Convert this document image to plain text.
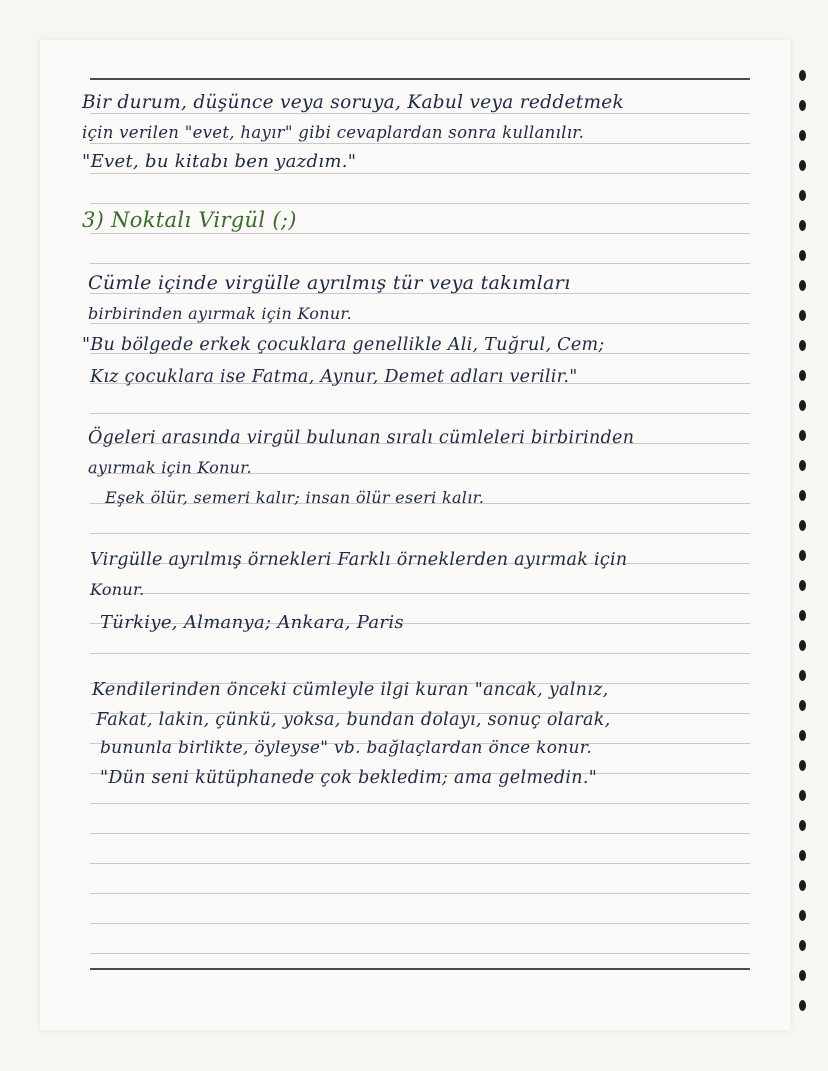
Bir durum, düşünce veya soruya, Kabul veya reddetmek

için verilen "evet, hayır" gibi cevaplardan sonra kullanılır.

"Evet, bu kitabı ben yazdım."

3) Noktalı Virgül (;)

Cümle içinde virgülle ayrılmış tür veya takımları

birbirinden ayırmak için Konur.

"Bu bölgede erkek çocuklara genellikle Ali, Tuğrul, Cem;

Kız çocuklara ise Fatma, Aynur, Demet adları verilir."

Ögeleri arasında virgül bulunan sıralı cümleleri birbirinden

ayırmak için Konur.

Eşek ölür, semeri kalır; insan ölür eseri kalır.

Virgülle ayrılmış örnekleri Farklı örneklerden ayırmak için

Konur.

Türkiye, Almanya; Ankara, Paris

Kendilerinden önceki cümleyle ilgi kuran "ancak, yalnız,

Fakat, lakin, çünkü, yoksa, bundan dolayı, sonuç olarak,

bununla birlikte, öyleyse" vb. bağlaçlardan önce konur.

"Dün seni kütüphanede çok bekledim; ama gelmedin."
